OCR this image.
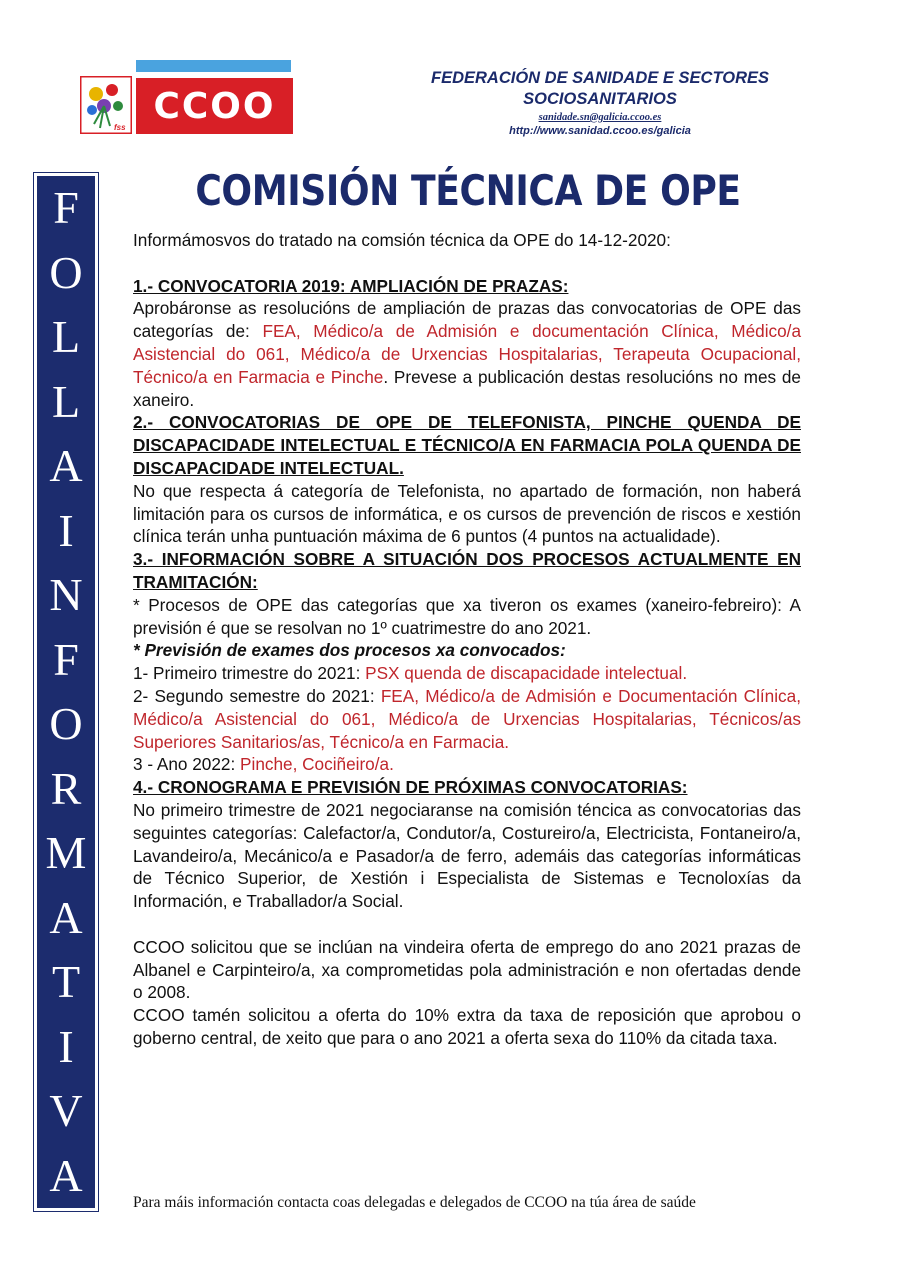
fss
CCOO
FEDERACIÓN DE SANIDADE E SECTORES
SOCIOSANITARIOS
sanidade.sn@galicia.ccoo.es
http://www.sanidad.ccoo.es/galicia
F
O
L
L
A
I
N
F
O
R
M
A
T
I
V
A
COMISIÓN TÉCNICA DE OPE

Informámosvos do tratado na comsión técnica da OPE do 14-12-2020:

1.- CONVOCATORIA 2019: AMPLIACIÓN DE PRAZAS:

Aprobáronse as resolucións de ampliación de prazas das convocatorias de OPE das categorías de: FEA, Médico/a de Admisión e documentación Clínica, Médico/a Asistencial do 061, Médico/a de Urxencias Hospitalarias, Terapeuta Ocupacional, Técnico/a en Farmacia e Pinche. Prevese a publicación destas resolucións no mes de xaneiro.

2.- CONVOCATORIAS DE OPE DE TELEFONISTA, PINCHE QUENDA DE DISCAPACIDADE INTELECTUAL E TÉCNICO/A EN FARMACIA POLA QUENDA DE DISCAPACIDADE INTELECTUAL.

No que respecta á categoría de Telefonista, no apartado de formación, non haberá limitación para os cursos de informática, e os cursos de prevención de riscos e xestión clínica terán unha puntuación máxima de 6 puntos (4 puntos na actualidade).

3.- INFORMACIÓN SOBRE A SITUACIÓN DOS PROCESOS ACTUALMENTE EN TRAMITACIÓN:

* Procesos de OPE das categorías que xa tiveron os exames (xaneiro-febreiro): A previsión é que se resolvan no 1º cuatrimestre do ano 2021.

* Previsión de exames dos procesos xa convocados:

1- Primeiro trimestre do 2021: PSX quenda de discapacidade intelectual.

2- Segundo semestre do 2021: FEA, Médico/a de Admisión e Documentación Clínica, Médico/a Asistencial do 061, Médico/a de Urxencias Hospitalarias, Técnicos/as Superiores Sanitarios/as, Técnico/a en Farmacia.

3 - Ano 2022: Pinche, Cociñeiro/a.

4.- CRONOGRAMA E PREVISIÓN DE PRÓXIMAS CONVOCATORIAS:

No primeiro trimestre de 2021 negociaranse na comisión téncica as convocatorias das seguintes categorías: Calefactor/a, Condutor/a, Costureiro/a, Electricista, Fontaneiro/a, Lavandeiro/a, Mecánico/a e Pasador/a de ferro, ademáis das categorías informáticas de Técnico Superior, de Xestión i Especialista de Sistemas e Tecnoloxías da Información, e Traballador/a Social.

CCOO solicitou que se inclúan na vindeira oferta de emprego do ano 2021 prazas de Albanel e Carpinteiro/a, xa comprometidas pola administración e non ofertadas dende o 2008.

CCOO tamén solicitou a oferta do 10% extra da taxa de reposición que aprobou o goberno central, de xeito que para o ano 2021 a oferta sexa do 110% da citada taxa.

Para máis información contacta coas delegadas e delegados de CCOO na túa área de saúde
